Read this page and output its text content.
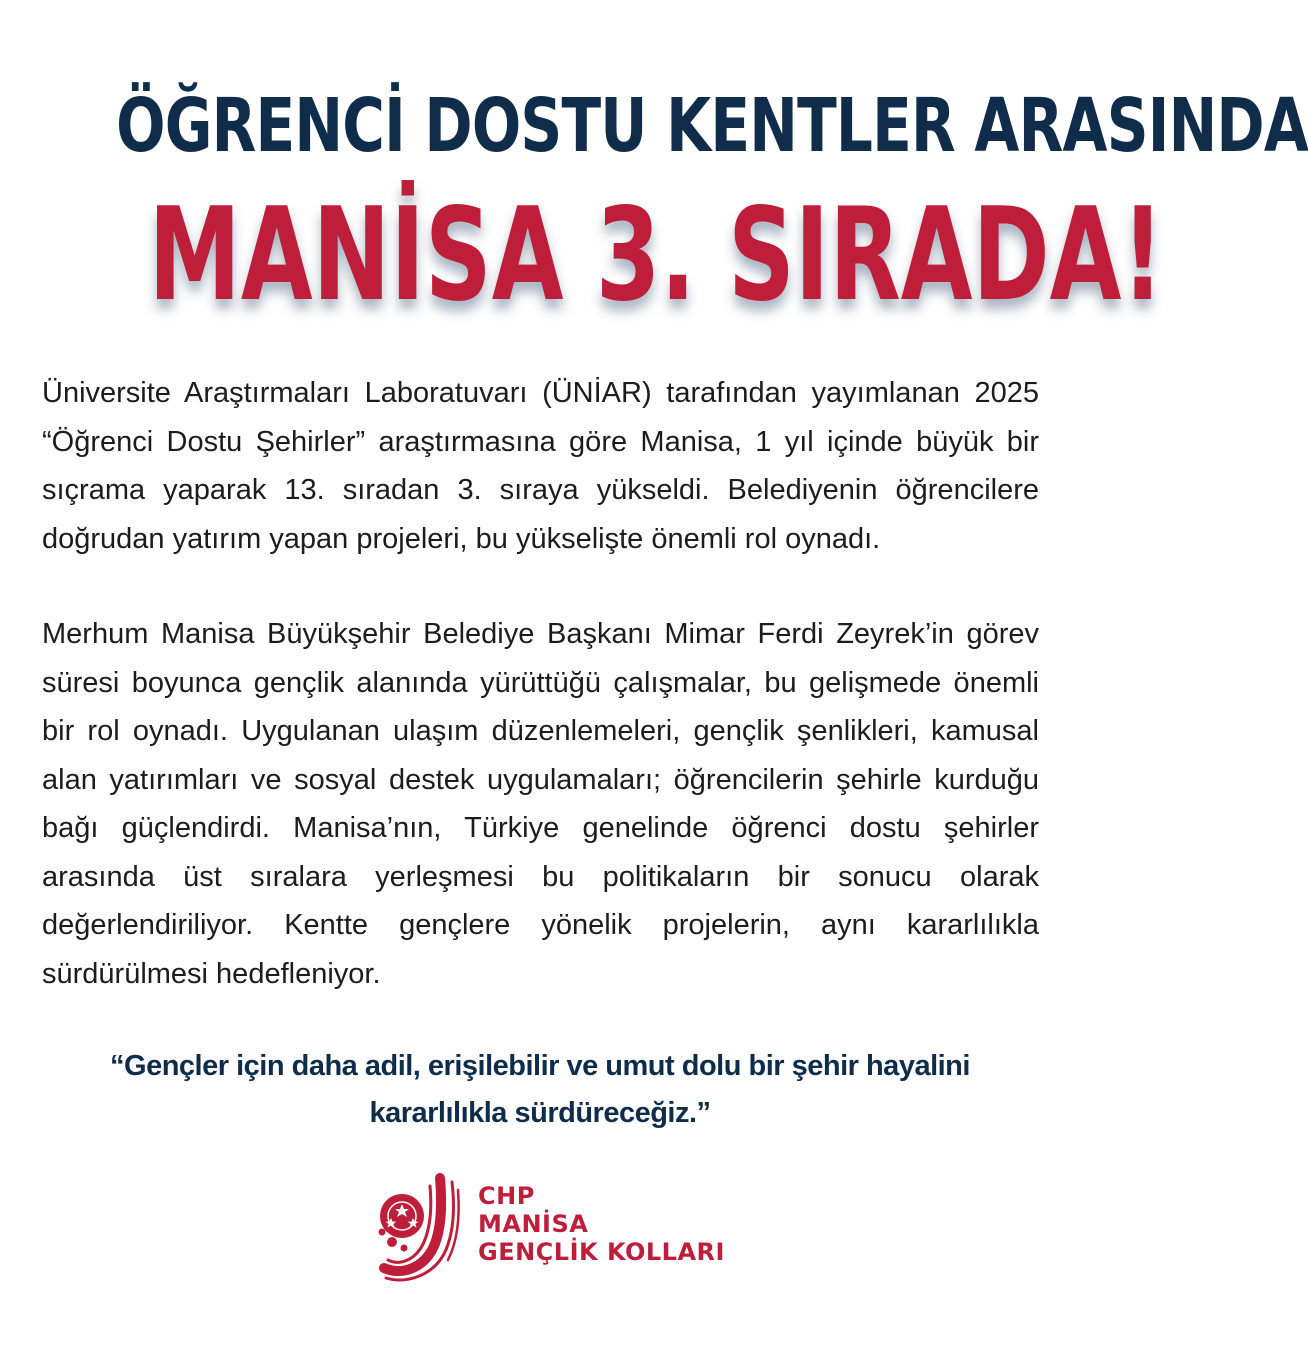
ÖĞRENCİ DOSTU KENTLER ARASINDA
MANİSA 3. SIRADA!

Üniversite Araştırmaları Laboratuvarı (ÜNİAR) tarafından yayımlanan 2025 “Öğrenci Dostu Şehirler” araştırmasına göre Manisa, 1 yıl içinde büyük bir sıçrama yaparak 13. sıradan 3. sıraya yükseldi. Belediyenin öğrencilere doğrudan yatırım yapan projeleri, bu yükselişte önemli rol oynadı.

Merhum Manisa Büyükşehir Belediye Başkanı Mimar Ferdi Zeyrek’in görev süresi boyunca gençlik alanında yürüttüğü çalışmalar, bu gelişmede önemli bir rol oynadı. Uygulanan ulaşım düzenlemeleri, gençlik şenlikleri, kamusal alan yatırımları ve sosyal destek uygulamaları; öğrencilerin şehirle kurduğu bağı güçlendirdi. Manisa’nın, Türkiye genelinde öğrenci dostu şehirler arasında üst sıralara yerleşmesi bu politikaların bir sonucu olarak değerlendiriliyor. Kentte gençlere yönelik projelerin, aynı kararlılıkla sürdürülmesi hedefleniyor.

“Gençler için daha adil, erişilebilir ve umut dolu bir şehir hayalini
kararlılıkla sürdüreceğiz.”

CHP
MANİSA
GENÇLİK KOLLARI
